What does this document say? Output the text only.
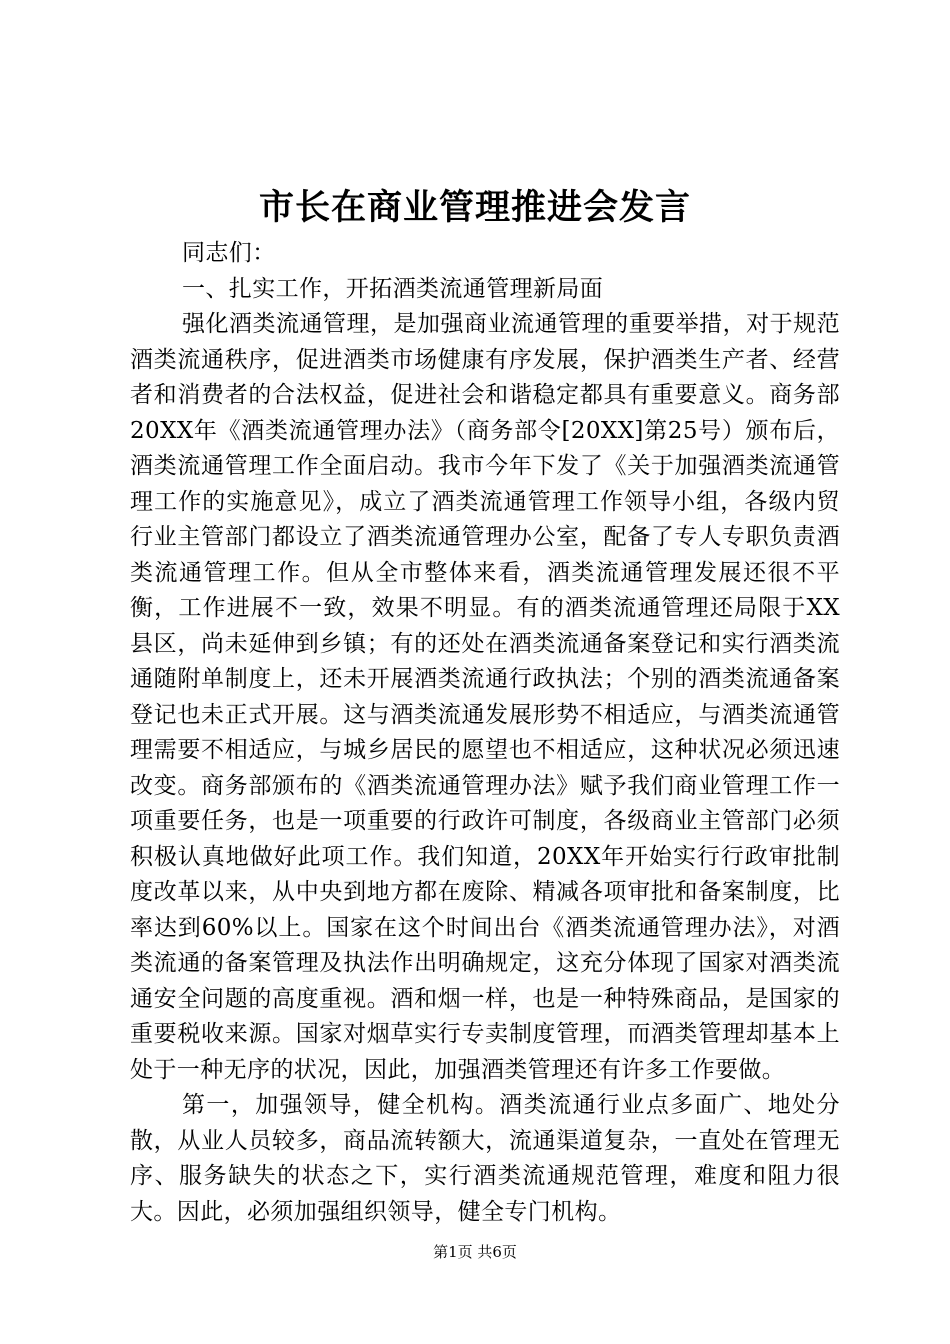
市长在商业管理推进会发言

同志们：

一、扎实工作，开拓酒类流通管理新局面

强化酒类流通管理，是加强商业流通管理的重要举措，对于规范酒类流通秩序，促进酒类市场健康有序发展，保护酒类生产者、经营者和消费者的合法权益，促进社会和谐稳定都具有重要意义。商务部20XX年《酒类流通管理办法》（商务部令[20XX]第25号）颁布后，酒类流通管理工作全面启动。我市今年下发了《关于加强酒类流通管理工作的实施意见》，成立了酒类流通管理工作领导小组，各级内贸行业主管部门都设立了酒类流通管理办公室，配备了专人专职负责酒类流通管理工作。但从全市整体来看，酒类流通管理发展还很不平衡，工作进展不一致，效果不明显。有的酒类流通管理还局限于XX县区，尚未延伸到乡镇；有的还处在酒类流通备案登记和实行酒类流通随附单制度上，还未开展酒类流通行政执法；个别的酒类流通备案登记也未正式开展。这与酒类流通发展形势不相适应，与酒类流通管理需要不相适应，与城乡居民的愿望也不相适应，这种状况必须迅速改变。商务部颁布的《酒类流通管理办法》赋予我们商业管理工作一项重要任务，也是一项重要的行政许可制度，各级商业主管部门必须积极认真地做好此项工作。我们知道，20XX年开始实行行政审批制度改革以来，从中央到地方都在废除、精减各项审批和备案制度，比率达到60%以上。国家在这个时间出台《酒类流通管理办法》，对酒类流通的备案管理及执法作出明确规定，这充分体现了国家对酒类流通安全问题的高度重视。酒和烟一样，也是一种特殊商品，是国家的重要税收来源。国家对烟草实行专卖制度管理，而酒类管理却基本上处于一种无序的状况，因此，加强酒类管理还有许多工作要做。

第一，加强领导，健全机构。酒类流通行业点多面广、地处分散，从业人员较多，商品流转额大，流通渠道复杂，一直处在管理无序、服务缺失的状态之下，实行酒类流通规范管理，难度和阻力很大。因此，必须加强组织领导，健全专门机构。

第1页 共6页
